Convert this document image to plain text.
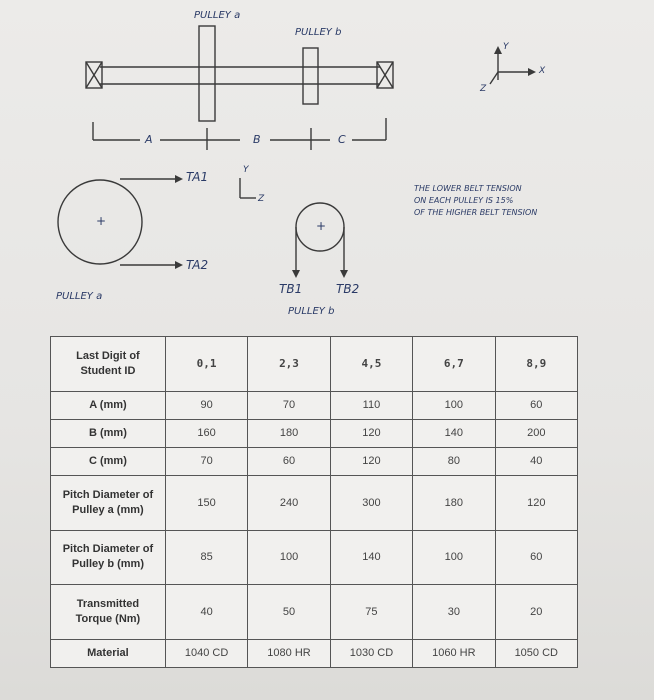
PULLEY a
PULLEY b
A	B	C
Y
X
Z
TA1
TA2
TB1	TB2
Y
Z
+	+
PULLEY a
PULLEY b
THE LOWER BELT TENSION
ON EACH PULLEY IS 15%
OF THE HIGHER BELT TENSION
Last Digit of
Student ID	0,1	2,3	4,5	6,7	8,9

A (mm)	90	70	110	100	60

B (mm)	160	180	120	140	200

C (mm)	70	60	120	80	40

Pitch Diameter of
Pulley a (mm)	150	240	300	180	120

Pitch Diameter of
Pulley b (mm)	85	100	140	100	60

Transmitted
Torque (Nm)	40	50	75	30	20

Material	1040 CD	1080 HR	1030 CD	1060 HR	1050 CD
